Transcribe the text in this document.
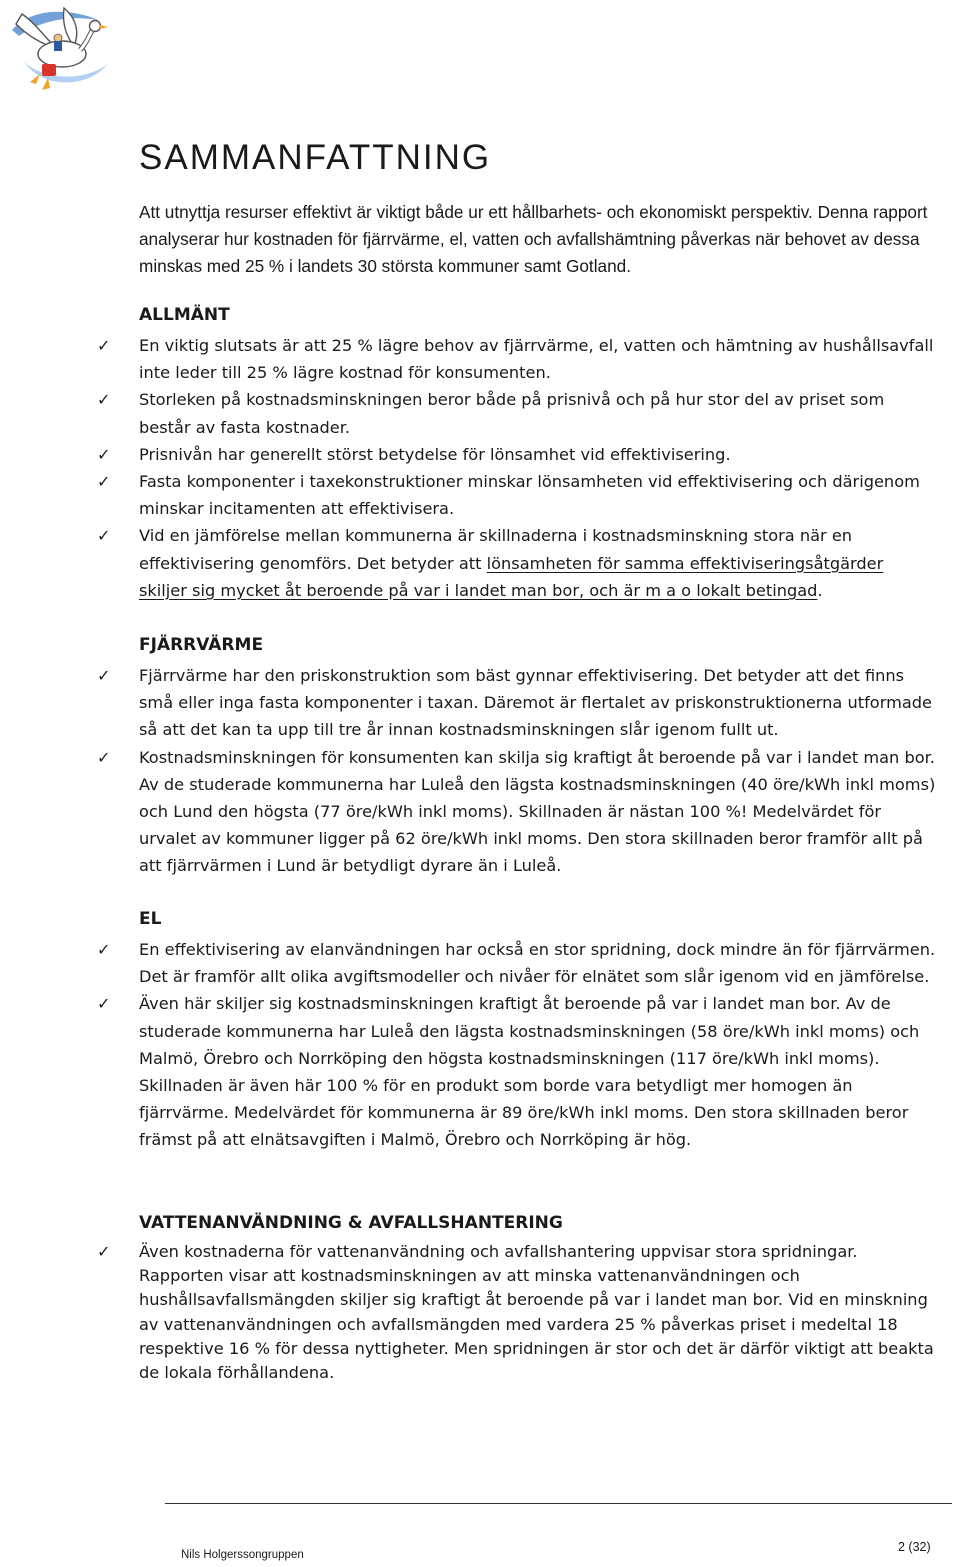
SAMMANFATTNING

Att utnyttja resurser effektivt är viktigt både ur ett hållbarhets- och ekonomiskt perspektiv. Denna rapport analyserar hur kostnaden för fjärrvärme, el, vatten och avfallshämtning påverkas när behovet av dessa minskas med 25 % i landets 30 största kommuner samt Gotland.

ALLMÄNT
✓ En viktig slutsats är att 25 % lägre behov av fjärrvärme, el, vatten och hämtning av hushållsavfall inte leder till 25 % lägre kostnad för konsumenten.
✓ Storleken på kostnadsminskningen beror både på prisnivå och på hur stor del av priset som består av fasta kostnader.
✓ Prisnivån har generellt störst betydelse för lönsamhet vid effektivisering.
✓ Fasta komponenter i taxekonstruktioner minskar lönsamheten vid effektivisering och därigenom minskar incitamenten att effektivisera.
✓ Vid en jämförelse mellan kommunerna är skillnaderna i kostnadsminskning stora när en effektivisering genomförs. Det betyder att lönsamheten för samma effektiviseringsåtgärder skiljer sig mycket åt beroende på var i landet man bor, och är m a o lokalt betingad.
FJÄRRVÄRME
✓ Fjärrvärme har den priskonstruktion som bäst gynnar effektivisering. Det betyder att det finns små eller inga fasta komponenter i taxan. Däremot är flertalet av priskonstruktionerna utformade så att det kan ta upp till tre år innan kostnadsminskningen slår igenom fullt ut.
✓ Kostnadsminskningen för konsumenten kan skilja sig kraftigt åt beroende på var i landet man bor. Av de studerade kommunerna har Luleå den lägsta kostnadsminskningen (40 öre/kWh inkl moms) och Lund den högsta (77 öre/kWh inkl moms). Skillnaden är nästan 100 %! Medelvärdet för urvalet av kommuner ligger på 62 öre/kWh inkl moms. Den stora skillnaden beror framför allt på att fjärrvärmen i Lund är betydligt dyrare än i Luleå.
EL
✓ En effektivisering av elanvändningen har också en stor spridning, dock mindre än för fjärrvärmen. Det är framför allt olika avgiftsmodeller och nivåer för elnätet som slår igenom vid en jämförelse.
✓ Även här skiljer sig kostnadsminskningen kraftigt åt beroende på var i landet man bor. Av de studerade kommunerna har Luleå den lägsta kostnadsminskningen (58 öre/kWh inkl moms) och Malmö, Örebro och Norrköping den högsta kostnadsminskningen (117 öre/kWh inkl moms). Skillnaden är även här 100 % för en produkt som borde vara betydligt mer homogen än fjärrvärme. Medelvärdet för kommunerna är 89 öre/kWh inkl moms. Den stora skillnaden beror främst på att elnätsavgiften i Malmö, Örebro och Norrköping är hög.
VATTENANVÄNDNING & AVFALLSHANTERING
✓ Även kostnaderna för vattenanvändning och avfallshantering uppvisar stora spridningar. Rapporten visar att kostnadsminskningen av att minska vattenanvändningen och hushållsavfallsmängden skiljer sig kraftigt åt beroende på var i landet man bor. Vid en minskning av vattenanvändningen och avfallsmängden med vardera 25 % påverkas priset i medeltal 18 respektive 16 % för dessa nyttigheter. Men spridningen är stor och det är därför viktigt att beakta de lokala förhållandena.
Nils Holgerssongruppen
2 (32)
